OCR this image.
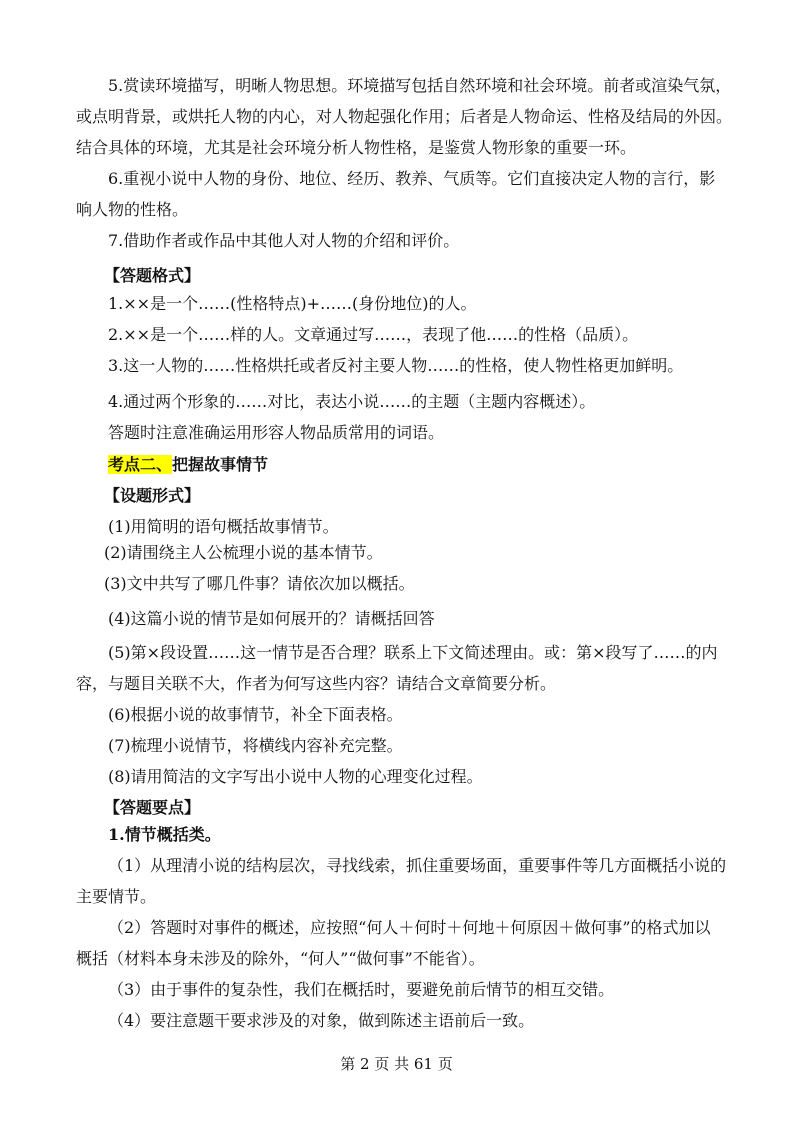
5.赏读环境描写，明晰人物思想。环境描写包括自然环境和社会环境。前者或渲染气氛，
或点明背景，或烘托人物的内心，对人物起强化作用；后者是人物命运、性格及结局的外因。
结合具体的环境，尤其是社会环境分析人物性格，是鉴赏人物形象的重要一环。
6.重视小说中人物的身份、地位、经历、教养、气质等。它们直接决定人物的言行，影
响人物的性格。
7.借助作者或作品中其他人对人物的介绍和评价。
【答题格式】
1.××是一个……(性格特点)+……(身份地位)的人。
2.××是一个……样的人。文章通过写……，表现了他……的性格（品质）。
3.这一人物的……性格烘托或者反衬主要人物……的性格，使人物性格更加鲜明。
4.通过两个形象的……对比，表达小说……的主题（主题内容概述）。
答题时注意准确运用形容人物品质常用的词语。
考点二、把握故事情节
【设题形式】
(1)用简明的语句概括故事情节。
(2)请围绕主人公梳理小说的基本情节。
(3)文中共写了哪几件事？请依次加以概括。
(4)这篇小说的情节是如何展开的？请概括回答
(5)第×段设置……这一情节是否合理？联系上下文简述理由。或：第×段写了……的内
容，与题目关联不大，作者为何写这些内容？请结合文章简要分析。
(6)根据小说的故事情节，补全下面表格。
(7)梳理小说情节，将横线内容补充完整。
(8)请用简洁的文字写出小说中人物的心理变化过程。
【答题要点】
1.情节概括类。
（1）从理清小说的结构层次，寻找线索，抓住重要场面，重要事件等几方面概括小说的
主要情节。
（2）答题时对事件的概述，应按照“何人＋何时＋何地＋何原因＋做何事”的格式加以
概括（材料本身未涉及的除外，“何人”“做何事”不能省）。
（3）由于事件的复杂性，我们在概括时，要避免前后情节的相互交错。
（4）要注意题干要求涉及的对象，做到陈述主语前后一致。
第 2 页 共 61 页
